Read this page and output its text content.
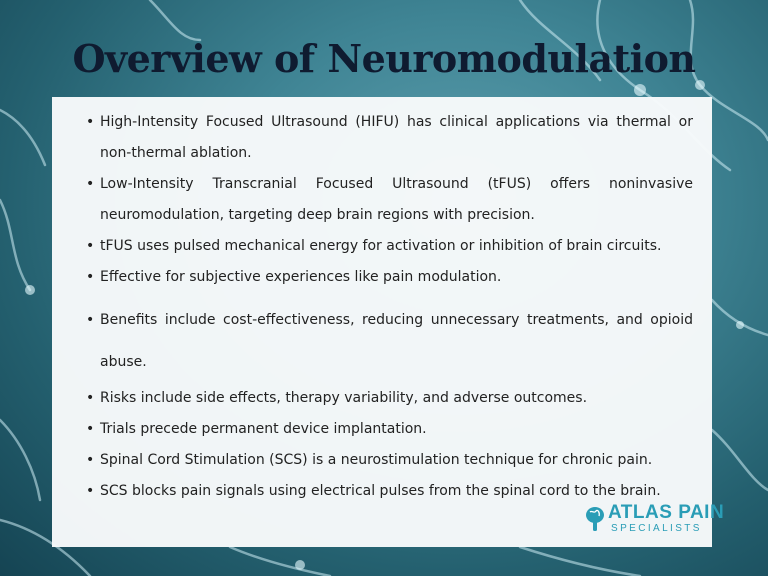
Overview of Neuromodulation
• High-Intensity Focused Ultrasound (HIFU) has clinical applications via thermal or non-thermal ablation.
• Low-Intensity Transcranial Focused Ultrasound (tFUS) offers noninvasive neuromodulation, targeting deep brain regions with precision.
• tFUS uses pulsed mechanical energy for activation or inhibition of brain circuits.
• Effective for subjective experiences like pain modulation.
• Benefits include cost-effectiveness, reducing unnecessary treatments, and opioid abuse.
• Risks include side effects, therapy variability, and adverse outcomes.
• Trials precede permanent device implantation.
• Spinal Cord Stimulation (SCS) is a neurostimulation technique for chronic pain.
• SCS blocks pain signals using electrical pulses from the spinal cord to the brain.
ATLAS PAIN
SPECIALISTS
